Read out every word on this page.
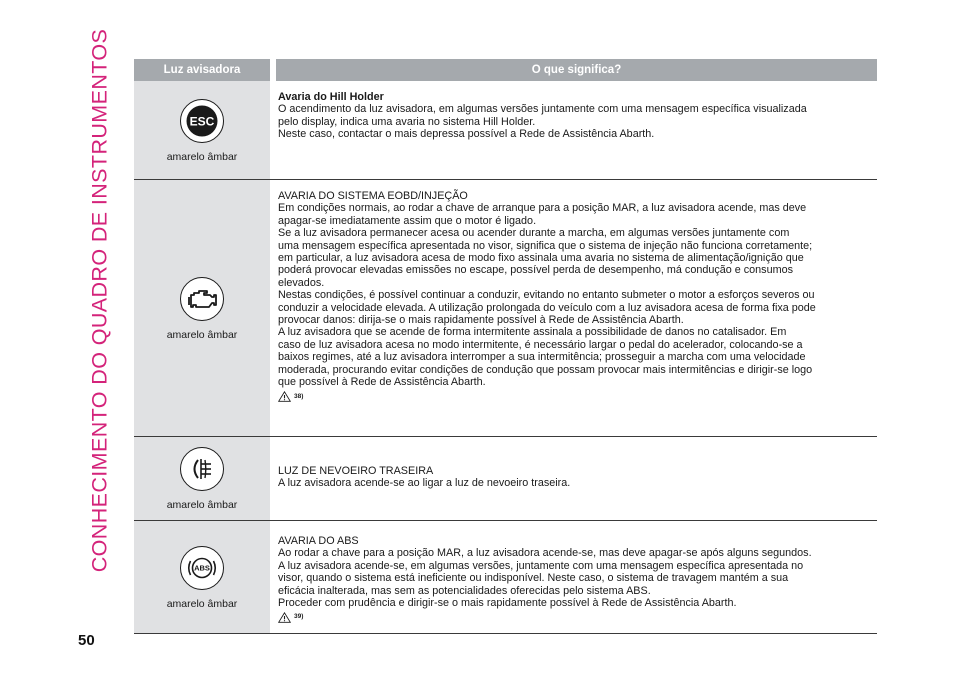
CONHECIMENTO DO QUADRO DE INSTRUMENTOS	Luz avisadora	O que significa?
ESC
amarelo âmbar

Avaria do Hill Holder

O acendimento da luz avisadora, em algumas versões juntamente com uma mensagem específica visualizada

pelo display, indica uma avaria no sistema Hill Holder.

Neste caso, contactar o mais depressa possível a Rede de Assistência Abarth.

amarelo âmbar

AVARIA DO SISTEMA EOBD/INJEÇÃO

Em condições normais, ao rodar a chave de arranque para a posição MAR, a luz avisadora acende, mas deve

apagar-se imediatamente assim que o motor é ligado.

Se a luz avisadora permanecer acesa ou acender durante a marcha, em algumas versões juntamente com

uma mensagem específica apresentada no visor, significa que o sistema de injeção não funciona corretamente;

em particular, a luz avisadora acesa de modo fixo assinala uma avaria no sistema de alimentação/ignição que

poderá provocar elevadas emissões no escape, possível perda de desempenho, má condução e consumos

elevados.

Nestas condições, é possível continuar a conduzir, evitando no entanto submeter o motor a esforços severos ou

conduzir a velocidade elevada. A utilização prolongada do veículo com a luz avisadora acesa de forma fixa pode

provocar danos: dirija-se o mais rapidamente possível à Rede de Assistência Abarth.

A luz avisadora que se acende de forma intermitente assinala a possibilidade de danos no catalisador. Em

caso de luz avisadora acesa no modo intermitente, é necessário largar o pedal do acelerador, colocando-se a

baixos regimes, até a luz avisadora interromper a sua intermitência; prosseguir a marcha com uma velocidade

moderada, procurando evitar condições de condução que possam provocar mais intermitências e dirigir-se logo

que possível à Rede de Assistência Abarth.

38)
amarelo âmbar

LUZ DE NEVOEIRO TRASEIRA

A luz avisadora acende-se ao ligar a luz de nevoeiro traseira.

ABS
amarelo âmbar

AVARIA DO ABS

Ao rodar a chave para a posição MAR, a luz avisadora acende-se, mas deve apagar-se após alguns segundos.

A luz avisadora acende-se, em algumas versões, juntamente com uma mensagem específica apresentada no

visor, quando o sistema está ineficiente ou indisponível. Neste caso, o sistema de travagem mantém a sua

eficácia inalterada, mas sem as potencialidades oferecidas pelo sistema ABS.

Proceder com prudência e dirigir-se o mais rapidamente possível à Rede de Assistência Abarth.

39)
50
